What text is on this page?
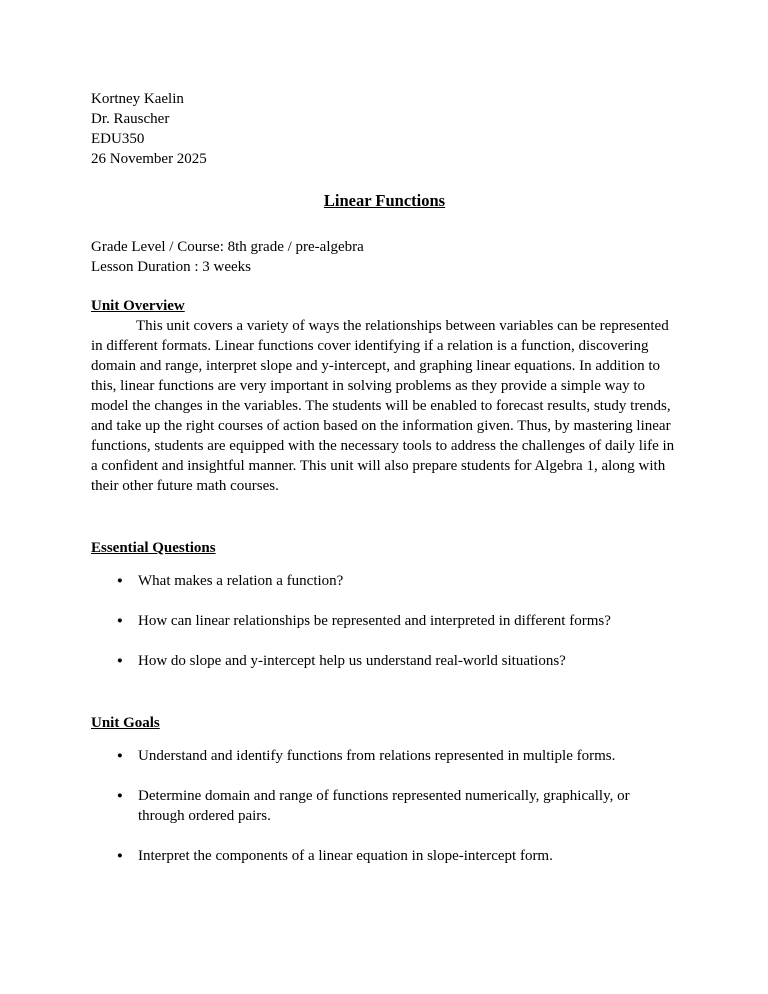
Kortney Kaelin
Dr. Rauscher
EDU350
26 November 2025
Linear Functions
Grade Level / Course: 8th grade / pre-algebra
Lesson Duration : 3 weeks
Unit Overview

This unit covers a variety of ways the relationships between variables can be represented in different formats. Linear functions cover identifying if a relation is a function, discovering domain and range, interpret slope and y-intercept, and graphing linear equations. In addition to this, linear functions are very important in solving problems as they provide a simple way to model the changes in the variables. The students will be enabled to forecast results, study trends, and take up the right courses of action based on the information given. Thus, by mastering linear functions, students are equipped with the necessary tools to address the challenges of daily life in a confident and insightful manner. This unit will also prepare students for Algebra 1, along with their other future math courses.

Essential Questions
● What makes a relation a function?
● How can linear relationships be represented and interpreted in different forms?
● How do slope and y-intercept help us understand real-world situations?
Unit Goals
● Understand and identify functions from relations represented in multiple forms.
● Determine domain and range of functions represented numerically, graphically, or through ordered pairs.
● Interpret the components of a linear equation in slope-intercept form.
